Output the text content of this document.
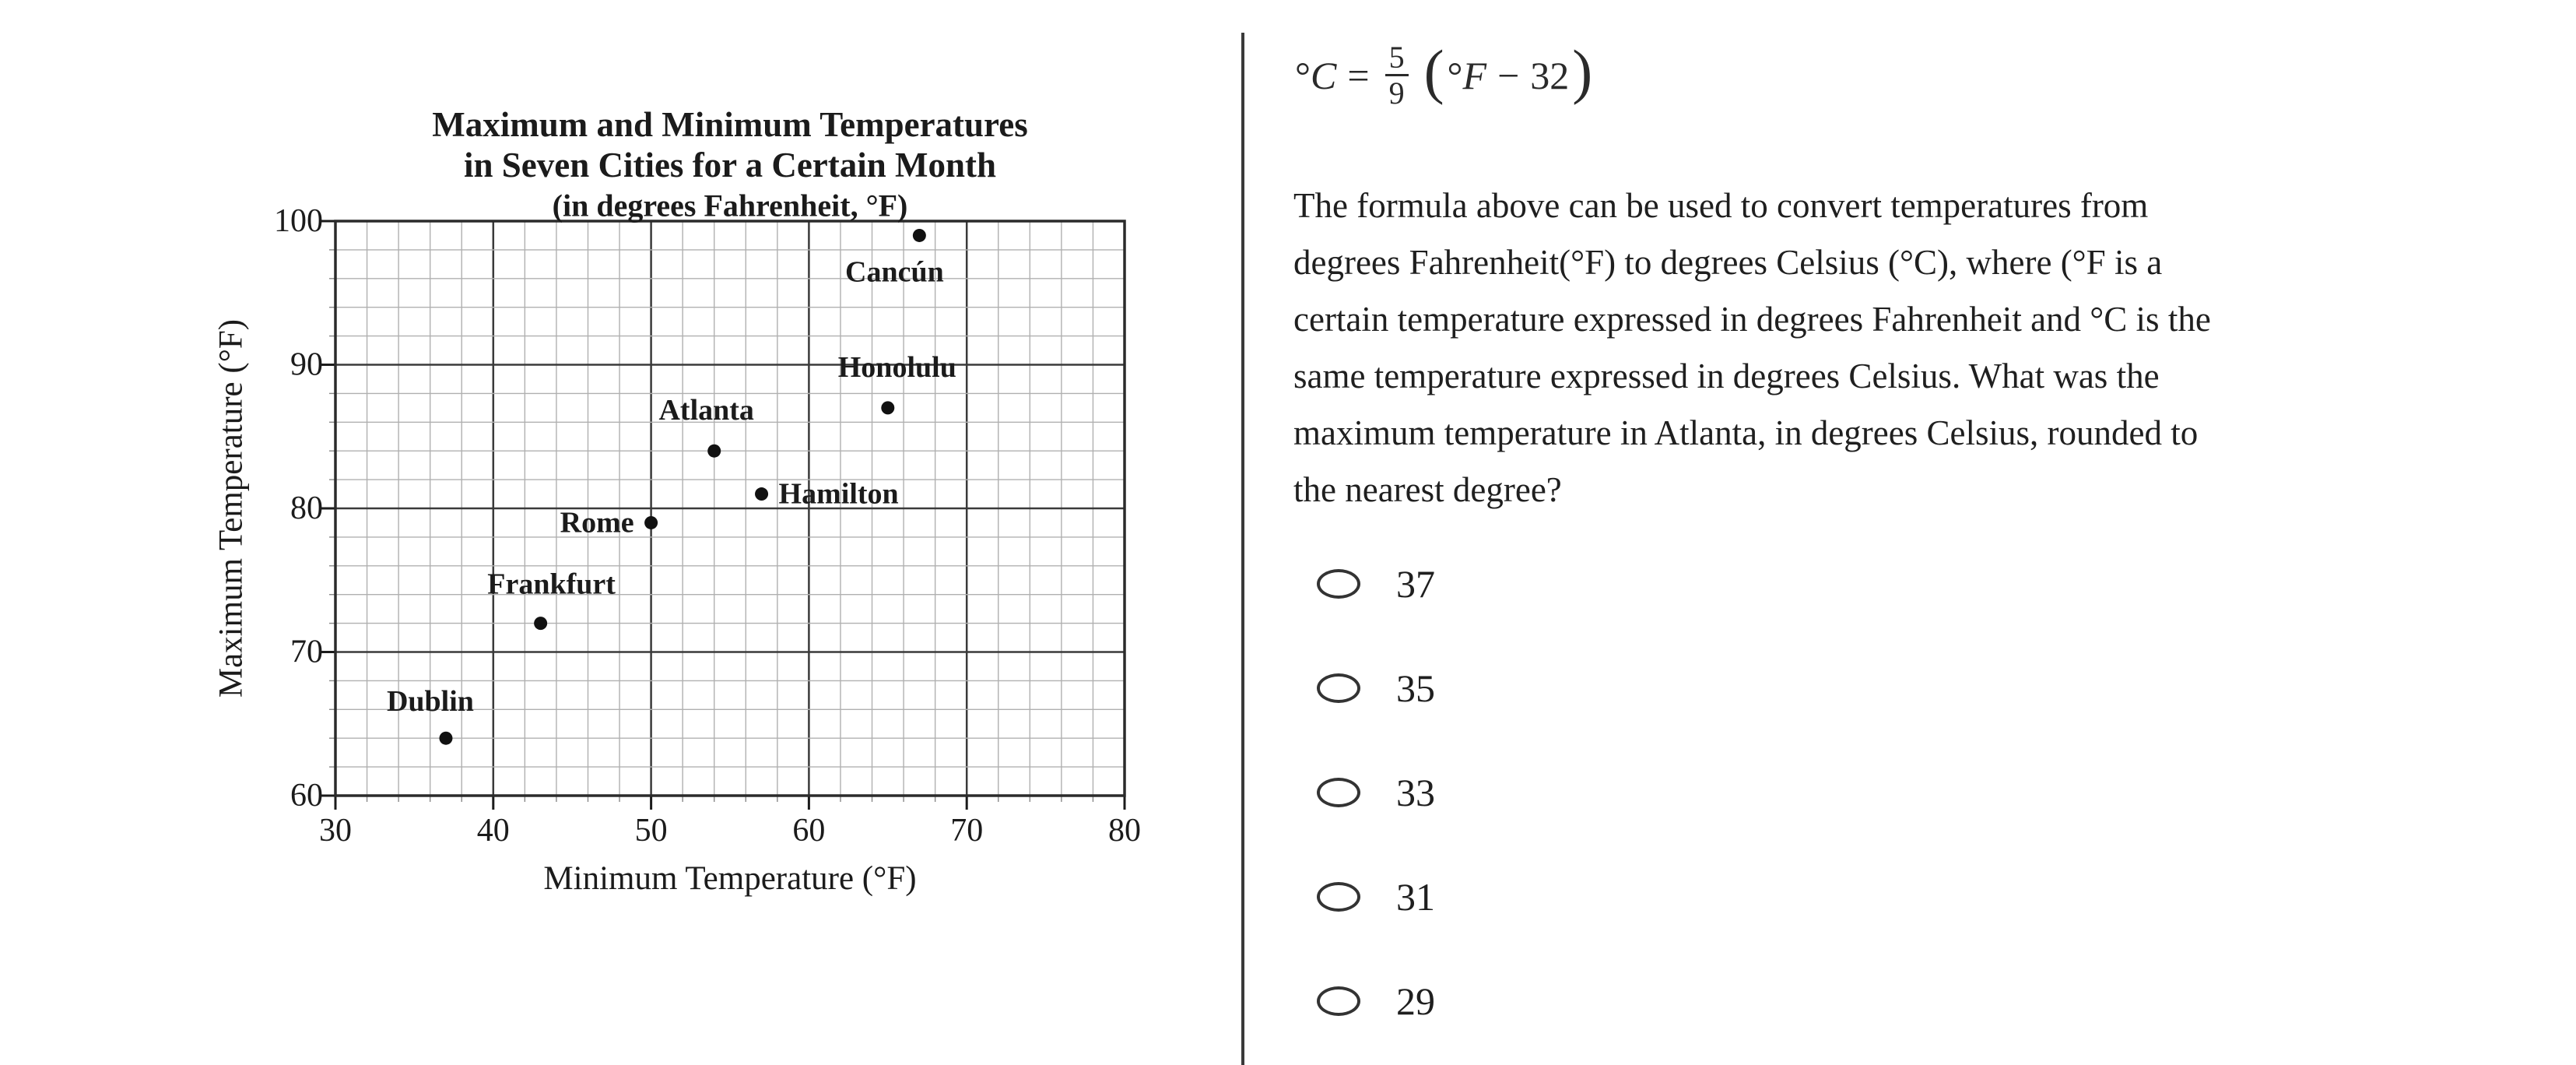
30	40	50	60	70	80
100
90
80
70
60
Minimum Temperature (°F)
Maximum Temperature (°F)
Maximum and Minimum Temperatures
in Seven Cities for a Certain Month
(in degrees Fahrenheit, °F)
Cancún
Honolulu
Atlanta
Hamilton
Rome
Frankfurt
Dublin
° $C = \frac{5}{9}$ ( ° F − 32 )
The formula above can be used to convert temperatures from
degrees Fahrenheit(°F) to degrees Celsius (°C), where (°F is a
certain temperature expressed in degrees Fahrenheit and °C is the
same temperature expressed in degrees Celsius. What was the
maximum temperature in Atlanta, in degrees Celsius, rounded to
the nearest degree?
37
35
33
31
29
